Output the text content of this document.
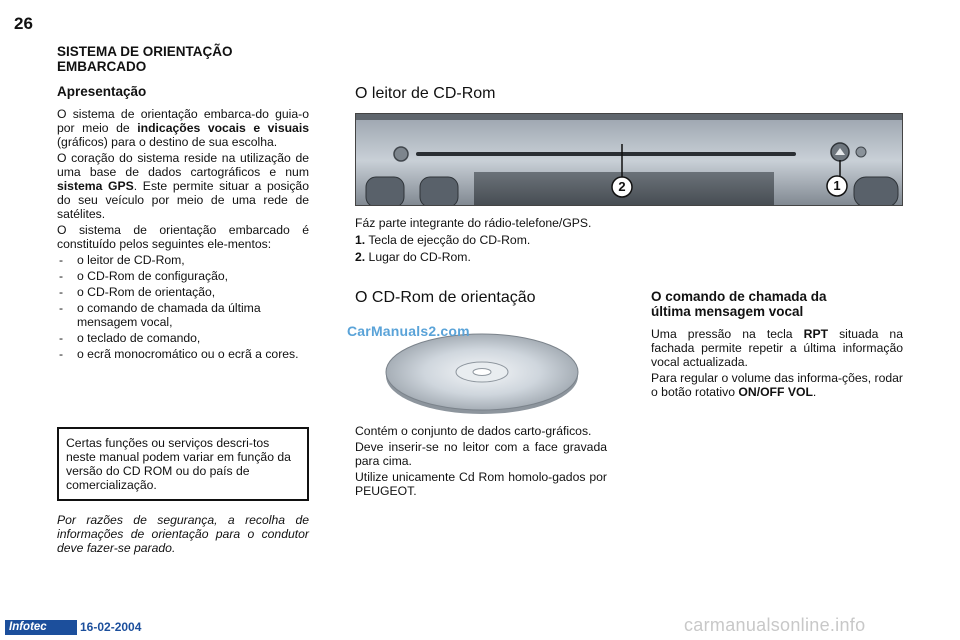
26
SISTEMA DE ORIENTAÇÃO
EMBARCADO
Apresentação
O sistema de orientação embarca-do guia-o por meio de indicações vocais e visuais (gráficos) para o destino de sua escolha.
O coração do sistema reside na utilização de uma base de dados cartográficos e num sistema GPS. Este permite situar a posição do seu veículo por meio de uma rede de satélites.
O sistema de orientação embarcado é constituído pelos seguintes ele-mentos:
- o leitor de CD-Rom,
- o CD-Rom de configuração,
- o CD-Rom de orientação,
- o comando de chamada da última mensagem vocal,
- o teclado de comando,
- o ecrã monocromático ou o ecrã a cores.
Certas funções ou serviços descri-tos neste manual podem variar em função da versão do CD ROM ou do país de comercialização.
Por razões de segurança, a recolha de informações de orientação para o condutor deve fazer-se parado.
O leitor de CD-Rom
2	1
Fáz parte integrante do rádio-telefone/GPS.
1. Tecla de ejecção do CD-Rom.
2. Lugar do CD-Rom.
O CD-Rom de orientação
CarManuals2.com
Contém o conjunto de dados carto-gráficos.
Deve inserir-se no leitor com a face gravada para cima.
Utilize unicamente Cd Rom homolo-gados por PEUGEOT.
O comando de chamada da
última mensagem vocal
Uma pressão na tecla RPT situada na fachada permite repetir a última informação vocal actualizada.
Para regular o volume das informa-ções, rodar o botão rotativo ON/OFF VOL.
Infotec	16-02-2004	carmanualsonline.info
